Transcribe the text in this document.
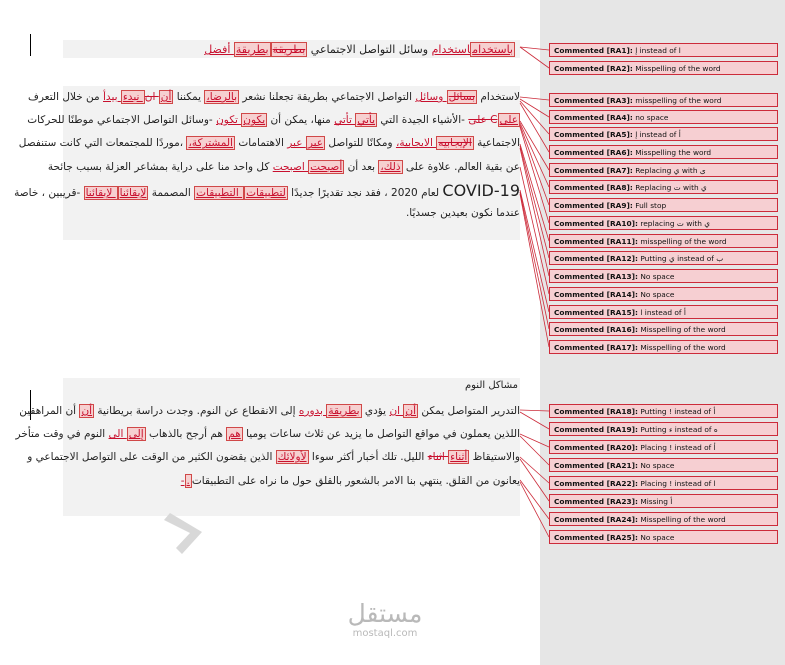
باستخداماستخدام وسائل التواصل الاجتماعي بطريقةبطريقة أفضل
لاستخدام بسائل وسائل التواصل الاجتماعي بطريقة تجعلنا نشعر بالرضا، يمكننا أن ان نبدء بيدأ من خلال التعرف
علىC على -الأشياء الجيدة التي يأتي تأتي منها، يمكن أن يكون تكون -وسائل التواصل الاجتماعي موطنًا للحركات
الاجتماعية الإيجابيه الايجابية، ومكانًا للتواصل عبر عبر الاهتمامات المشتركة، ،موردًا للمجتمعات التي كانت ستنفصل
عن بقية العالم. علاوة على ذلك، بعد أن أصبحت اصبحت كل واحد منا على دراية بمشاعر العزلة بسبب جائحة
COVID-19 لعام 2020 ، فقد نجد تقديرًا جديدًا لتطبيقات التطبيقات المصممة لإبقائنا لإبقائنا -قريبين ، خاصة
عندما نكون بعيدين جسديًا.
مشاكل النوم
التدرير المتواصل يمكن أن ان يؤدي بطريقة بدوره إلى الانقطاع عن النوم. وجدت دراسة بريطانية أن أن المراهقين
اللذين يعملون في مواقع التواصل ما يزيد عن ثلاث ساعات يوميا هم هم أرجح بالذهاب إلى الى النوم في وقت متأخر
والاستيقاظ أثناء اثناء الليل. تلك أخبار أكثر سوءا لأولائك الذين يقضون الكثير من الوقت على التواصل الاجتماعي و
يعانون من القلق. ينتهي بنا الامر بالشعور بالقلق حول ما نراه على التطبيقات.-
Commented [RA1]: إ instead of ا
Commented [RA2]: Misspelling of the word
Commented [RA3]: misspelling of the word
Commented [RA4]: no space
Commented [RA5]: إ instead of أ
Commented [RA6]: Misspelling the word
Commented [RA7]: Replacing ي with ى
Commented [RA8]: Replacing ت with ي
Commented [RA9]: Full stop
Commented [RA10]: replacing ت with ي
Commented [RA11]: misspelling of the word
Commented [RA12]: Putting ي instead of ب
Commented [RA13]: No space
Commented [RA14]: No space
Commented [RA15]: ا instead of أ
Commented [RA16]: Misspelling of the word
Commented [RA17]: Misspelling of the word
Commented [RA18]: Putting ! instead of أ
Commented [RA19]: Putting ء instead of ه
Commented [RA20]: Placing ! instead of أ
Commented [RA21]: No space
Commented [RA22]: Placing ! instead of ا
Commented [RA23]: Missing أ
Commented [RA24]: Misspelling of the word
Commented [RA25]: No space
مستقل
mostaql.com
